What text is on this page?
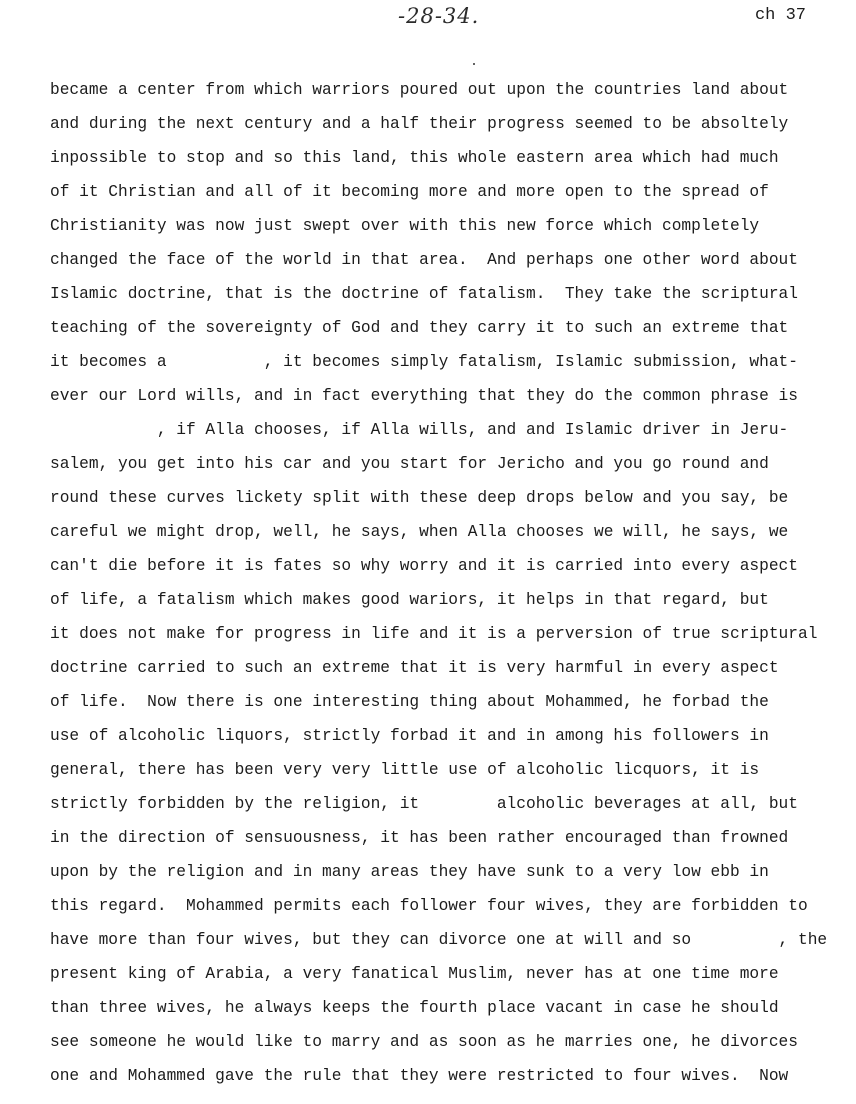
-28-34.	ch 37
became a center from which warriors poured out upon the countries land about
and during the next century and a half their progress seemed to be absoltely
inpossible to stop and so this land, this whole eastern area which had much
of it Christian and all of it becoming more and more open to the spread of
Christianity was now just swept over with this new force which completely
changed the face of the world in that area.  And perhaps one other word about
Islamic doctrine, that is the doctrine of fatalism.  They take the scriptural
teaching of the sovereignty of God and they carry it to such an extreme that
it becomes a          , it becomes simply fatalism, Islamic submission, what-
ever our Lord wills, and in fact everything that they do the common phrase is
, if Alla chooses, if Alla wills, and and Islamic driver in Jeru-
salem, you get into his car and you start for Jericho and you go round and
round these curves lickety split with these deep drops below and you say, be
careful we might drop, well, he says, when Alla chooses we will, he says, we
can't die before it is fates so why worry and it is carried into every aspect
of life, a fatalism which makes good wariors, it helps in that regard, but
it does not make for progress in life and it is a perversion of true scriptural
doctrine carried to such an extreme that it is very harmful in every aspect
of life.  Now there is one interesting thing about Mohammed, he forbad the
use of alcoholic liquors, strictly forbad it and in among his followers in
general, there has been very very little use of alcoholic licquors, it is
strictly forbidden by the religion, it        alcoholic beverages at all, but
in the direction of sensuousness, it has been rather encouraged than frowned
upon by the religion and in many areas they have sunk to a very low ebb in
this regard.  Mohammed permits each follower four wives, they are forbidden to
have more than four wives, but they can divorce one at will and so         , the
present king of Arabia, a very fanatical Muslim, never has at one time more
than three wives, he always keeps the fourth place vacant in case he should
see someone he would like to marry and as soon as he marries one, he divorces
one and Mohammed gave the rule that they were restricted to four wives.  Now
